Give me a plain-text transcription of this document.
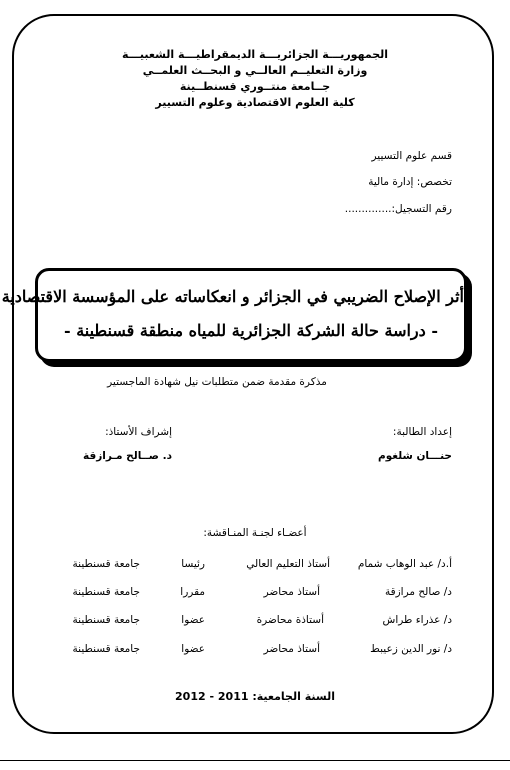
الجمهوريـــة الجزائريـــة الديمقراطيـــة الشعبيـــة
وزارة التعليــم العالــي و البحــث العلمــي
جــامعة منتــوري قسنطــينة
كلية العلوم الاقتصادية وعلوم التسيير
قسم علوم التسيير
تخصص: إدارة مالية
رقم التسجيل:..............
أثر الإصلاح الضريبي في الجزائر و انعكاساته على المؤسسة الاقتصادية
- دراسة حالة الشركة الجزائرية للمياه منطقة قسنطينة -
مذكرة مقدمة ضمن متطلبات نيل شهادة الماجستير
إعداد الطالبة:
حنـــان شلغوم
إشراف الأستاذ:
د. صــالح مـرازقة
أعضـاء لجنـة المنـاقشة:
أ.د/ عبد الوهاب شمام
أستاذ التعليم العالي
رئيسا
جامعة قسنطينة
د/ صالح مرازقة
أستاذ محاضر
مقررا
جامعة قسنطينة
د/ عذراء طراش
أستاذة محاضرة
عضوا
جامعة قسنطينة
د/ نور الدين زعيبط
أستاذ محاضر
عضوا
جامعة قسنطينة
السنة الجامعية: 2011 - 2012
